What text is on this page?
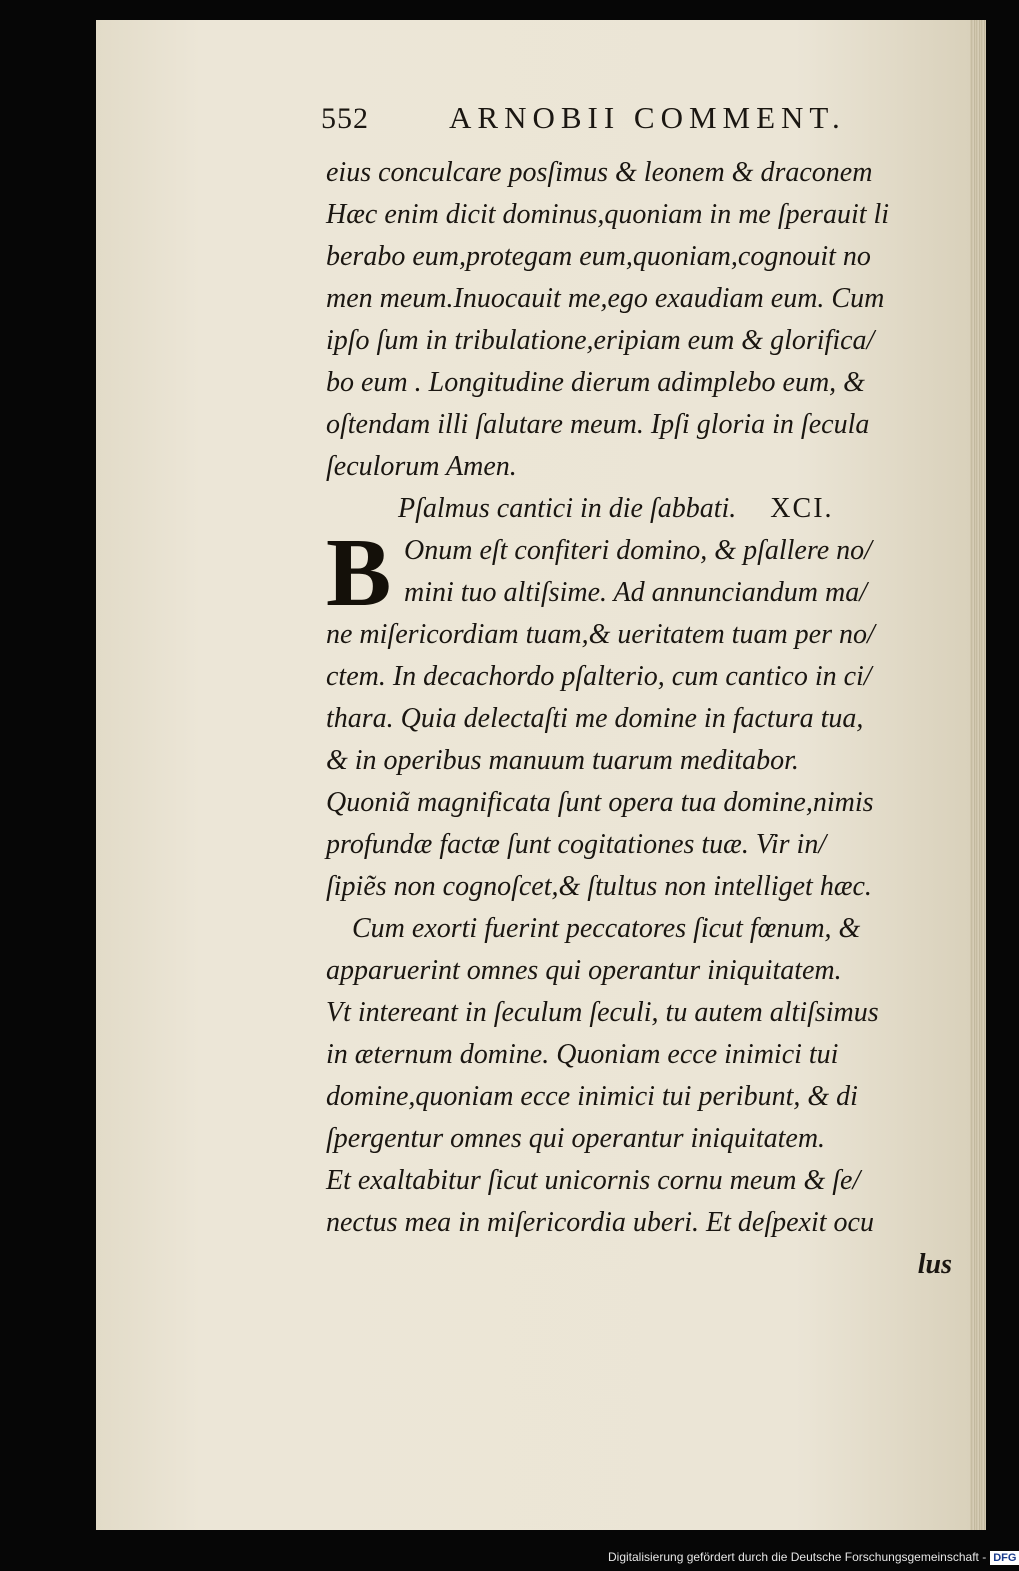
552	ARNOBII COMMENT.
eius conculcare posſimus & leonem & draconem
Hæc enim dicit dominus,quoniam in me ſperauit li
berabo eum,protegam eum,quoniam,cognouit no
men meum.Inuocauit me,ego exaudiam eum. Cum
ipſo ſum in tribulatione,eripiam eum & glorifica/
bo eum . Longitudine dierum adimplebo eum, &
oſtendam illi ſalutare meum. Ipſi gloria in ſecula
ſeculorum Amen.
Pſalmus cantici in die ſabbati. XCI.
B Onum eſt confiteri domino, & pſallere no/
mini tuo altiſsime. Ad annunciandum ma/
ne miſericordiam tuam,& ueritatem tuam per no/
ctem. In decachordo pſalterio, cum cantico in ci/
thara. Quia delectaſti me domine in factura tua,
& in operibus manuum tuarum meditabor.
Quoniã magnificata ſunt opera tua domine,nimis
profundæ factæ ſunt cogitationes tuæ. Vir in/
ſipiẽs non cognoſcet,& ſtultus non intelliget hæc.
Cum exorti fuerint peccatores ſicut fœnum, &
apparuerint omnes qui operantur iniquitatem.
Vt intereant in ſeculum ſeculi, tu autem altiſsimus
in æternum domine. Quoniam ecce inimici tui
domine,quoniam ecce inimici tui peribunt, & di
ſpergentur omnes qui operantur iniquitatem.
Et exaltabitur ſicut unicornis cornu meum & ſe/
nectus mea in miſericordia uberi. Et deſpexit ocu
lus
Digitalisierung gefördert durch die Deutsche Forschungsgemeinschaft - DFG
